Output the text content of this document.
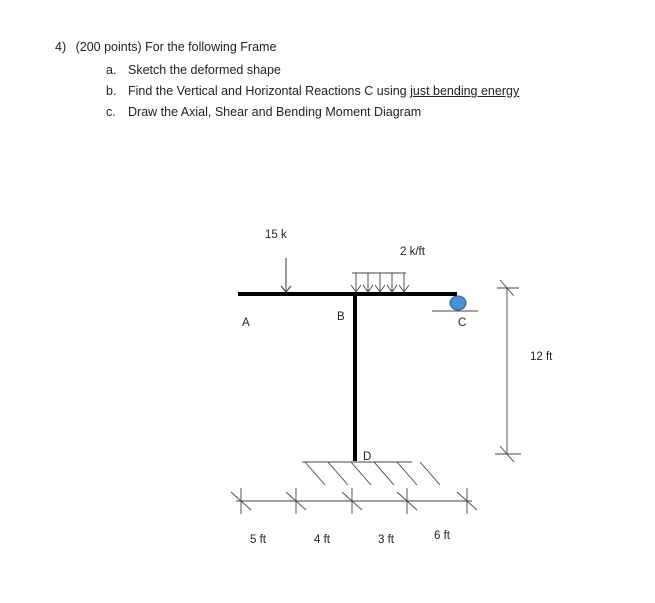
4) (200 points) For the following Frame
a. Sketch the deformed shape
b. Find the Vertical and Horizontal Reactions C using just bending energy
c. Draw the Axial, Shear and Bending Moment Diagram
15 k
2 k/ft
A	B	C
D
12 ft
5 ft	4 ft	3 ft	6 ft
